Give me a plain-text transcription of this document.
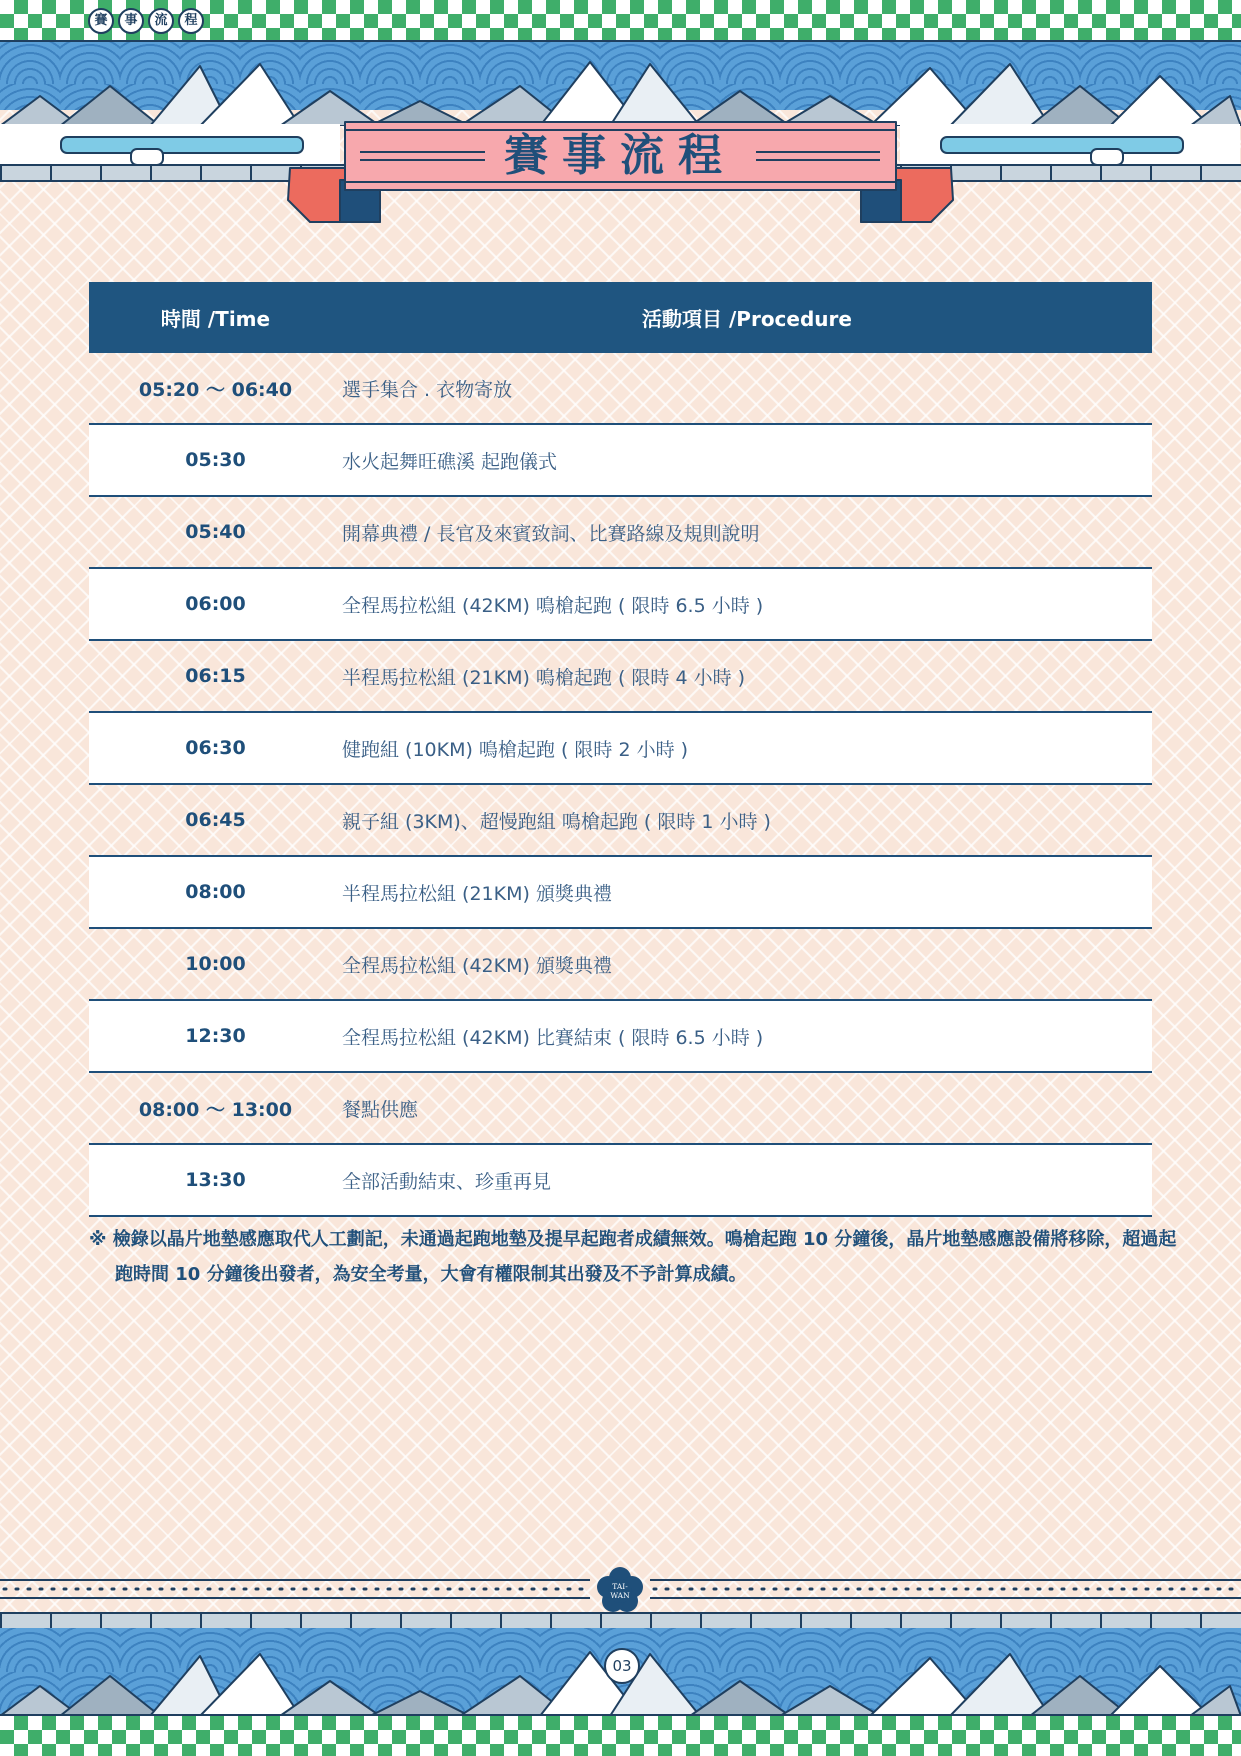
賽	事	流	程
賽事流程
時間 /Time	活動項目 /Procedure
05:20 ～ 06:40	選手集合 . 衣物寄放
05:30	水火起舞旺礁溪 起跑儀式
05:40	開幕典禮 / 長官及來賓致詞、比賽路線及規則說明
06:00	全程馬拉松組 (42KM) 鳴槍起跑 ( 限時 6.5 小時 )
06:15	半程馬拉松組 (21KM) 鳴槍起跑 ( 限時 4 小時 )
06:30	健跑組 (10KM) 鳴槍起跑 ( 限時 2 小時 )
06:45	親子組 (3KM)、超慢跑組 鳴槍起跑 ( 限時 1 小時 )
08:00	半程馬拉松組 (21KM) 頒獎典禮
10:00	全程馬拉松組 (42KM) 頒獎典禮
12:30	全程馬拉松組 (42KM) 比賽結束 ( 限時 6.5 小時 )
08:00 ～ 13:00	餐點供應
13:30	全部活動結束、珍重再見
※ 檢錄以晶片地墊感應取代人工劃記，未通過起跑地墊及提早起跑者成績無效。鳴槍起跑 10 分鐘後，晶片地墊感應設備將移除，超過起跑時間 10 分鐘後出發者，為安全考量，大會有權限制其出發及不予計算成績。
TAI-
WAN
03
